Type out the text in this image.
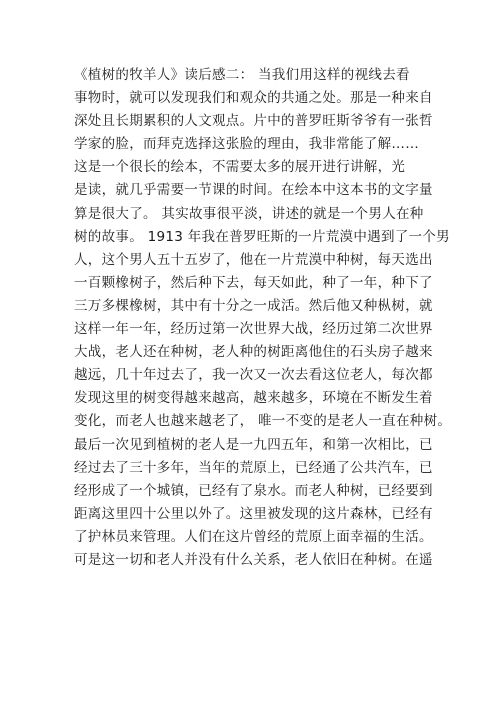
《植树的牧羊人》读后感二： 当我们用这样的视线去看
事物时，就可以发现我们和观众的共通之处。那是一种来自
深处且长期累积的人文观点。片中的普罗旺斯爷爷有一张哲
学家的脸，而拜克选择这张脸的理由，我非常能了解……
这是一个很长的绘本，不需要太多的展开进行讲解，光
是读，就几乎需要一节课的时间。在绘本中这本书的文字量
算是很大了。 其实故事很平淡，讲述的就是一个男人在种
树的故事。 1913 年我在普罗旺斯的一片荒漠中遇到了一个男
人，这个男人五十五岁了，他在一片荒漠中种树，每天选出
一百颗橡树子，然后种下去，每天如此，种了一年，种下了
三万多棵橡树，其中有十分之一成活。然后他又种枞树，就
这样一年一年，经历过第一次世界大战，经历过第二次世界
大战，老人还在种树，老人种的树距离他住的石头房子越来
越远，几十年过去了，我一次又一次去看这位老人，每次都
发现这里的树变得越来越高，越来越多，环境在不断发生着
变化，而老人也越来越老了， 唯一不变的是老人一直在种树。
最后一次见到植树的老人是一九四五年，和第一次相比，已
经过去了三十多年，当年的荒原上，已经通了公共汽车，已
经形成了一个城镇，已经有了泉水。而老人种树，已经要到
距离这里四十公里以外了。这里被发现的这片森林，已经有
了护林员来管理。人们在这片曾经的荒原上面幸福的生活。
可是这一切和老人并没有什么关系，老人依旧在种树。在遥
